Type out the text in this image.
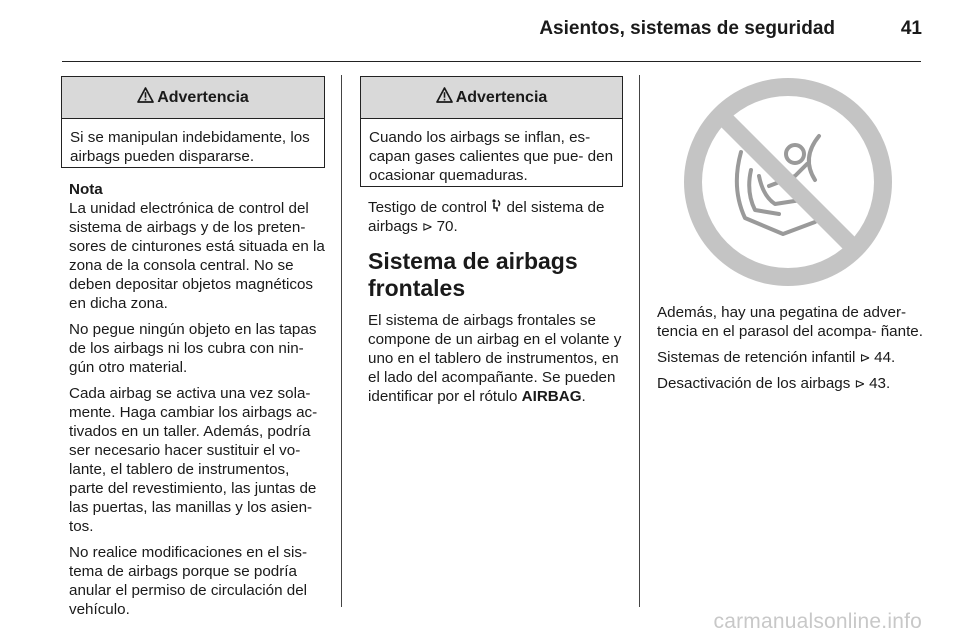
Asientos, sistemas de seguridad	41
Advertencia
Si se manipulan indebidamente, los airbags pueden dispararse.
Nota

La unidad electrónica de control del sistema de airbags y de los preten- sores de cinturones está situada en la zona de la consola central. No se deben depositar objetos magnéticos en dicha zona.

No pegue ningún objeto en las tapas de los airbags ni los cubra con nin- gún otro material.

Cada airbag se activa una vez sola- mente. Haga cambiar los airbags ac- tivados en un taller. Además, podría ser necesario hacer sustituir el vo- lante, el tablero de instrumentos, parte del revestimiento, las juntas de las puertas, las manillas y los asien- tos.

No realice modificaciones en el sis- tema de airbags porque se podría anular el permiso de circulación del vehículo.

Advertencia
Cuando los airbags se inflan, es- capan gases calientes que pue- den ocasionar quemaduras.

Testigo de control  del sistema de airbags ⊳ 70.

Sistema de airbags frontales

El sistema de airbags frontales se compone de un airbag en el volante y uno en el tablero de instrumentos, en el lado del acompañante. Se pueden identificar por el rótulo AIRBAG.

Además, hay una pegatina de adver- tencia en el parasol del acompa- ñante.

Sistemas de retención infantil ⊳ 44.

Desactivación de los airbags ⊳ 43.

carmanualsonline.info
